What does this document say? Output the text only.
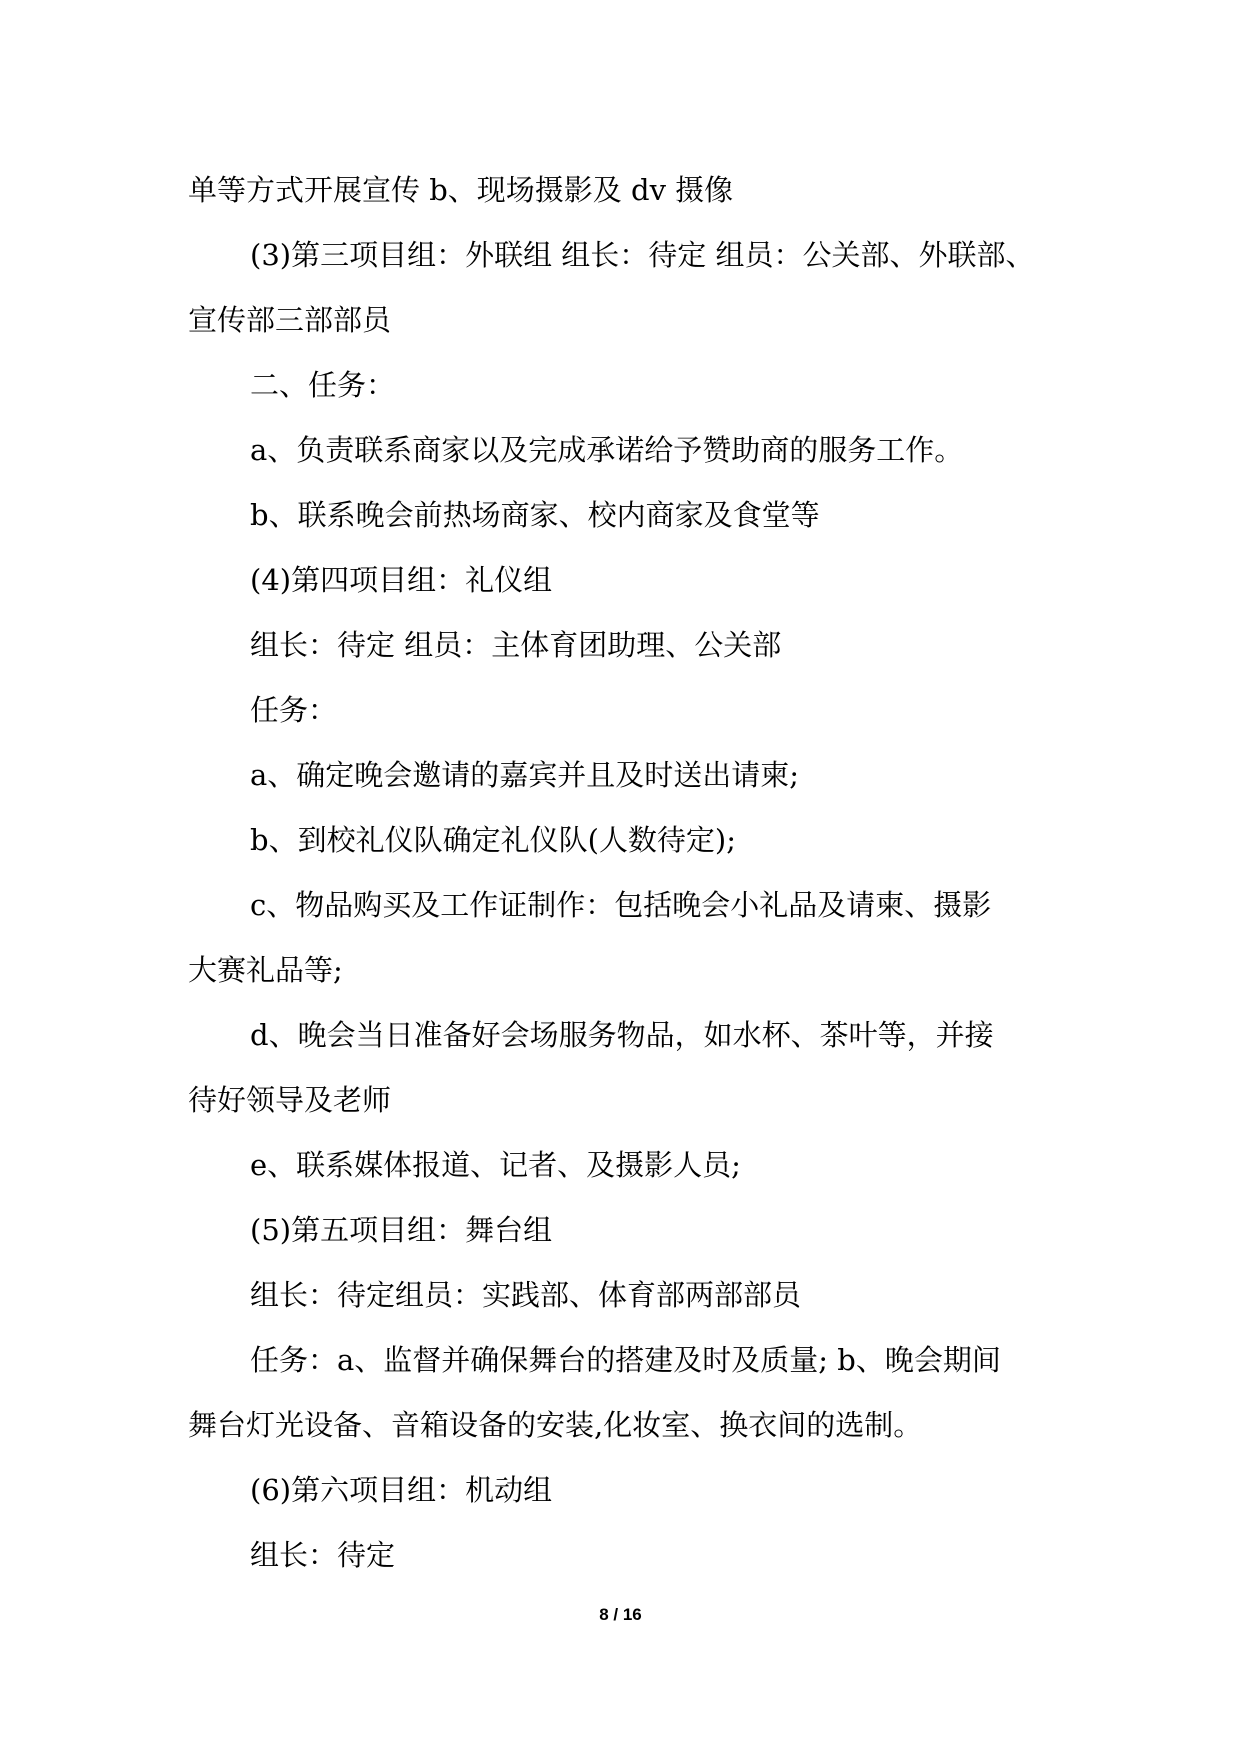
单等方式开展宣传 b、现场摄影及 dv 摄像

(3)第三项目组：外联组 组长：待定 组员：公关部、外联部、

宣传部三部部员

二、任务：

a、负责联系商家以及完成承诺给予赞助商的服务工作。

b、联系晚会前热场商家、校内商家及食堂等

(4)第四项目组：礼仪组

组长：待定 组员：主体育团助理、公关部

任务：

a、确定晚会邀请的嘉宾并且及时送出请柬;

b、到校礼仪队确定礼仪队(人数待定);

c、物品购买及工作证制作：包括晚会小礼品及请柬、摄影

大赛礼品等;

d、晚会当日准备好会场服务物品，如水杯、茶叶等，并接

待好领导及老师

e、联系媒体报道、记者、及摄影人员;

(5)第五项目组：舞台组

组长：待定组员：实践部、体育部两部部员

任务：a、监督并确保舞台的搭建及时及质量; b、晚会期间

舞台灯光设备、音箱设备的安装,化妆室、换衣间的选制。

(6)第六项目组：机动组

组长：待定

8 / 16
